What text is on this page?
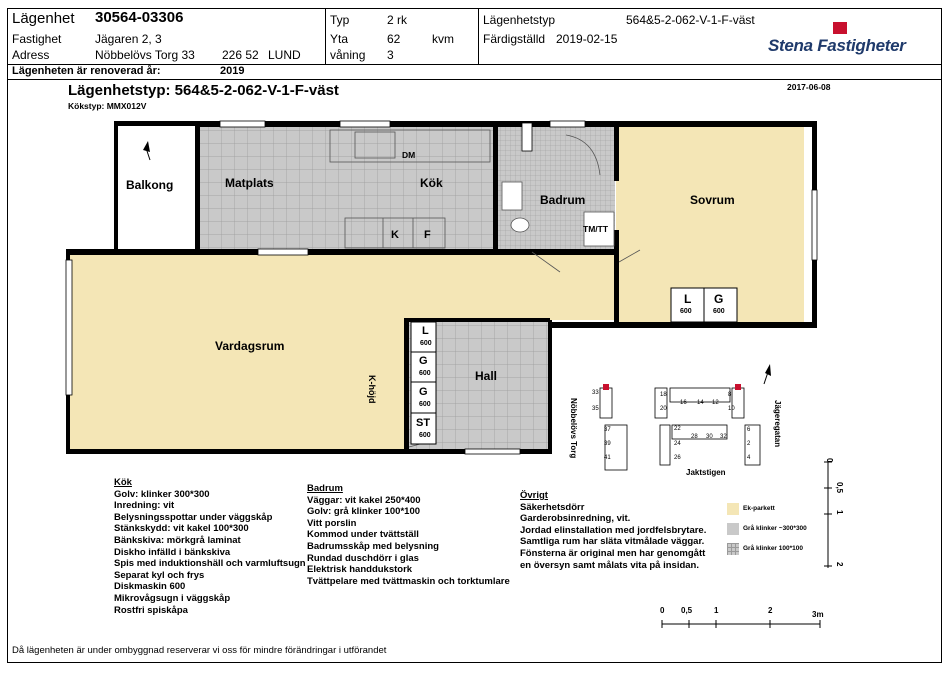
Lägenhet 30564-03306
Fastighet	Jägaren 2, 3
Adress	Nöbbelövs Torg 33 226 52 LUND
Typ	2 rk
Yta	62	kvm
våning 3
Lägenhetstyp	564&5-2-062-V-1-F-väst
Färdigställd 2019-02-15	Stena Fastigheter
Lägenheten är renoverad år:	2019
Lägenhetstyp: 564&5-2-062-V-1-F-väst
Kökstyp: MMX012V
2017-06-08
Balkong	Matplats	Kök
Badrum	Sovrum
Vardagsrum
Hall
DM
K F	TM/TT
L
600
G
600
L
600
G
600
G
600
ST
600
K-höjd
Nöbbelövs Torg	Jägeregatan
Jaktstigen
33
35
37
39
41
18
20
16 14 12
8
10
6
22
24
26
28 30 32
2
4	0
0,5
1
2
0 0,5	1	2	3m
Ek-parkett
Grå klinker ~300*300
Grå klinker 100*100
Kök
Golv: klinker 300*300
Inredning: vit
Belysningsspottar under väggskåp
Stänkskydd: vit kakel 100*300
Bänkskiva: mörkgrå laminat
Diskho infälld i bänkskiva
Spis med induktionshäll och varmluftsugn
Separat kyl och frys
Diskmaskin 600
Mikrovågsugn i väggskåp
Rostfri spiskåpa
Badrum
Väggar: vit kakel 250*400
Golv: grå klinker 100*100
Vitt porslin
Kommod under tvättställ
Badrumsskåp med belysning
Rundad duschdörr i glas
Elektrisk handdukstork
Tvättpelare med tvättmaskin och torktumlare
Övrigt
Säkerhetsdörr
Garderobsinredning, vit.
Jordad elinstallation med jordfelsbrytare.
Samtliga rum har släta vitmålade väggar.
Fönsterna är original men har genomgått
en översyn samt målats vita på insidan.
Då lägenheten är under ombyggnad reserverar vi oss för mindre förändringar i utförandet
